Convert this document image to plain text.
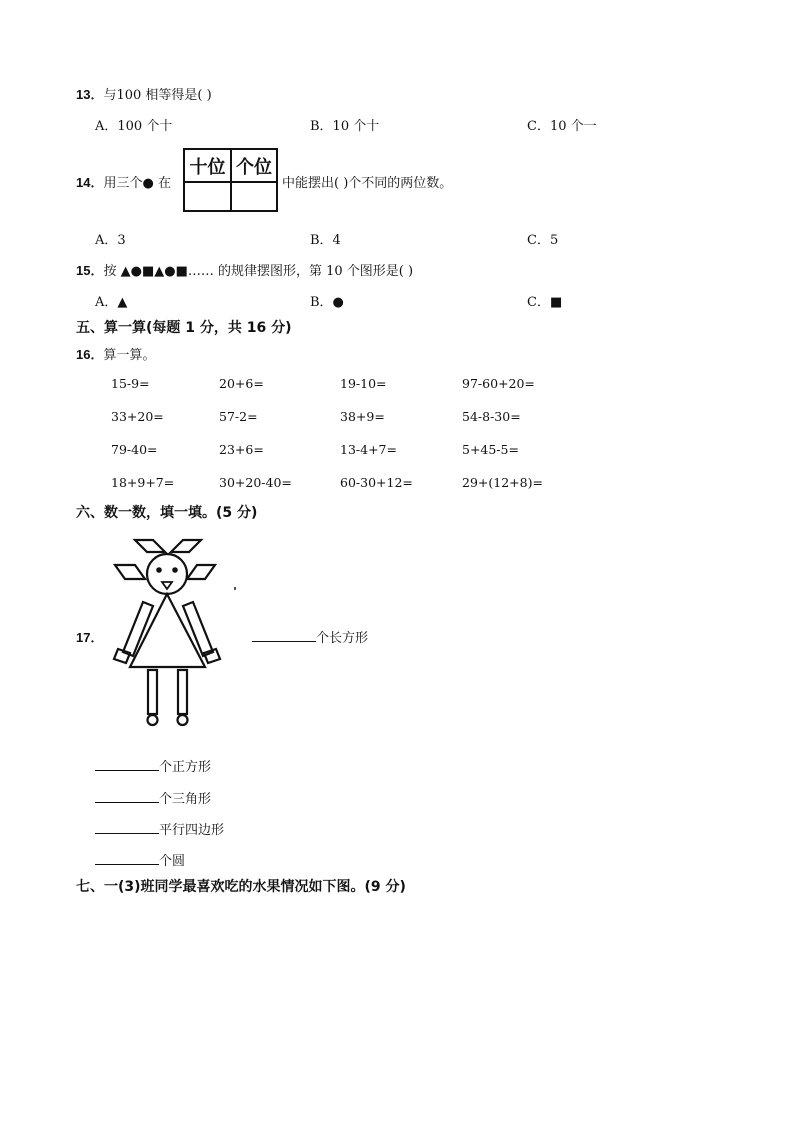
13．与100 相等得是( )
A．100 个十	B．10 个十	C．10 个一
14．用三个● 在
十位 个位
中能摆出( )个不同的两位数。
A．3	B．4	C．5
15．按 ▲●■▲●■…… 的规律摆图形，第 10 个图形是( )
A．▲	B．●	C．■
五、算一算(每题 1 分，共 16 分)
16．算一算。
15-9=	20+6=	19-10=	97-60+20=
33+20=	57-2=	38+9=	54-8-30=
79-40=	23+6=	13-4+7=	5+45-5=
18+9+7=	30+20-40=	60-30+12=	29+(12+8)=
六、数一数，填一填。(5 分)
17．	个长方形
个正方形
个三角形
平行四边形
个圆
七、一(3)班同学最喜欢吃的水果情况如下图。(9 分)
